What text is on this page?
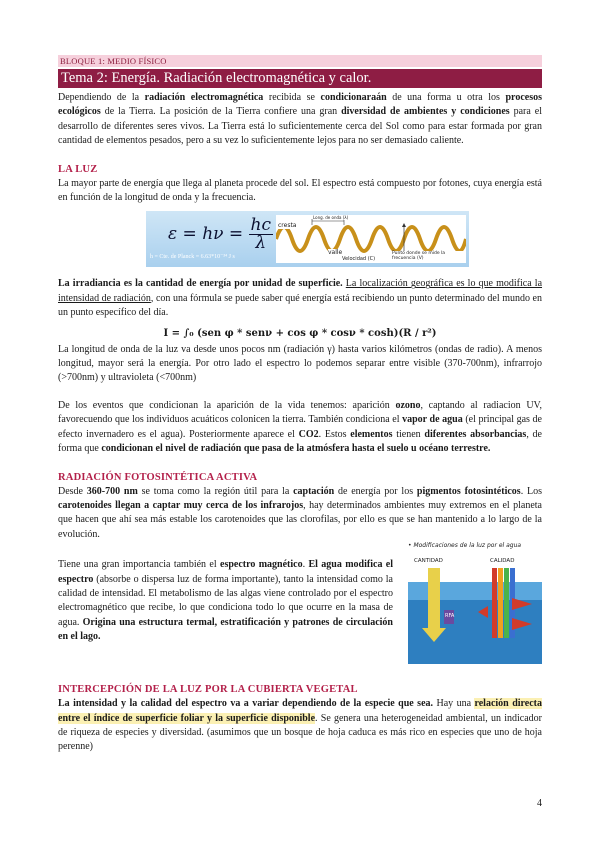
BLOQUE 1: MEDIO FÍSICO
Tema 2: Energía. Radiación electromagnética y calor.

Dependiendo de la radiación electromagnética recibida se condicionaraán de una forma u otra los procesos ecológicos de la Tierra. La posición de la Tierra confiere una gran diversidad de ambientes y condiciones para el desarrollo de diferentes seres vivos. La Tierra está lo suficientemente cerca del Sol como para estar formada por gran cantidad de elementos pesados, pero a su vez lo suficientemente lejos para no ser demasiado caliente.

LA LUZ

La mayor parte de energía que llega al planeta procede del sol. El espectro está compuesto por fotones, cuya energía está en función de la longitud de onda y la frecuencia.

$\varepsilon = h\nu = \frac{hc}{\lambda}$
h = Cte. de Planck = 6.63*10⁻³⁴ J s
cresta
valle
Long. de onda (λ)
Velocidad (C)
Punto donde se mide la frecuencia (V)

La irradiancia es la cantidad de energía por unidad de superficie. La localización geográfica es lo que modifica la intensidad de radiación, con una fórmula se puede saber qué energía está recibiendo un punto determinado del mundo en un punto específico del día.

I = ∫₀ (sen φ * senν + cos φ * cosν * cosh)(R / r²)

La longitud de onda de la luz va desde unos pocos nm (radiación γ) hasta varios kilómetros (ondas de radio). A menos longitud, mayor será la energía. Por otro lado el espectro lo podemos separar entre visible (370-700nm), infrarrojo (>700nm) y ultravioleta (<700nm)

De los eventos que condicionan la aparición de la vida tenemos: aparición ozono, captando al radiacion UV, favorecuendo que los individuos acuáticos colonicen la tierra. También condiciona el vapor de agua (el principal gas de efecto invernadero es el agua). Posteriormente aparece el CO2. Estos elementos tienen diferentes absorbancias, de forma que condicionan el nivel de radiación que pasa de la atmósfera hasta el suelo u océano terrestre.

RADIACIÓN FOTOSINTÉTICA ACTIVA

Desde 360-700 nm se toma como la región útil para la captación de energía por los pigmentos fotosintéticos. Los carotenoides llegan a captar muy cerca de los infrarojos, hay determinados ambientes muy extremos en el planeta que hacen que ahí sea más estable los carotenoides que las clorofilas, por ello es que se han mantenido a lo largo de la evolución.

Tiene una gran importancia también el espectro magnético. El agua modifica el espectro (absorbe o dispersa luz de forma importante), tanto la intensidad como la calidad de intensidad. El metabolismo de las algas viene controlado por el espectro electromagnético que recibe, lo que condiciona todo lo que ocurre en la masa de agua. Origina una estructura termal, estratificación y patrones de circulación en el lago.

• Modificaciones de la luz por el agua
CANTIDAD	CALIDAD
RFA
INTERCEPCIÓN DE LA LUZ POR LA CUBIERTA VEGETAL

La intensidad y la calidad del espectro va a variar dependiendo de la especie que sea. Hay una relación directa entre el índice de superficie foliar y la superficie disponible. Se genera una heterogeneidad ambiental, un indicador de riqueza de especies y diversidad. (asumimos que un bosque de hoja caduca es más rico en especies que uno de hoja perenne)

4
